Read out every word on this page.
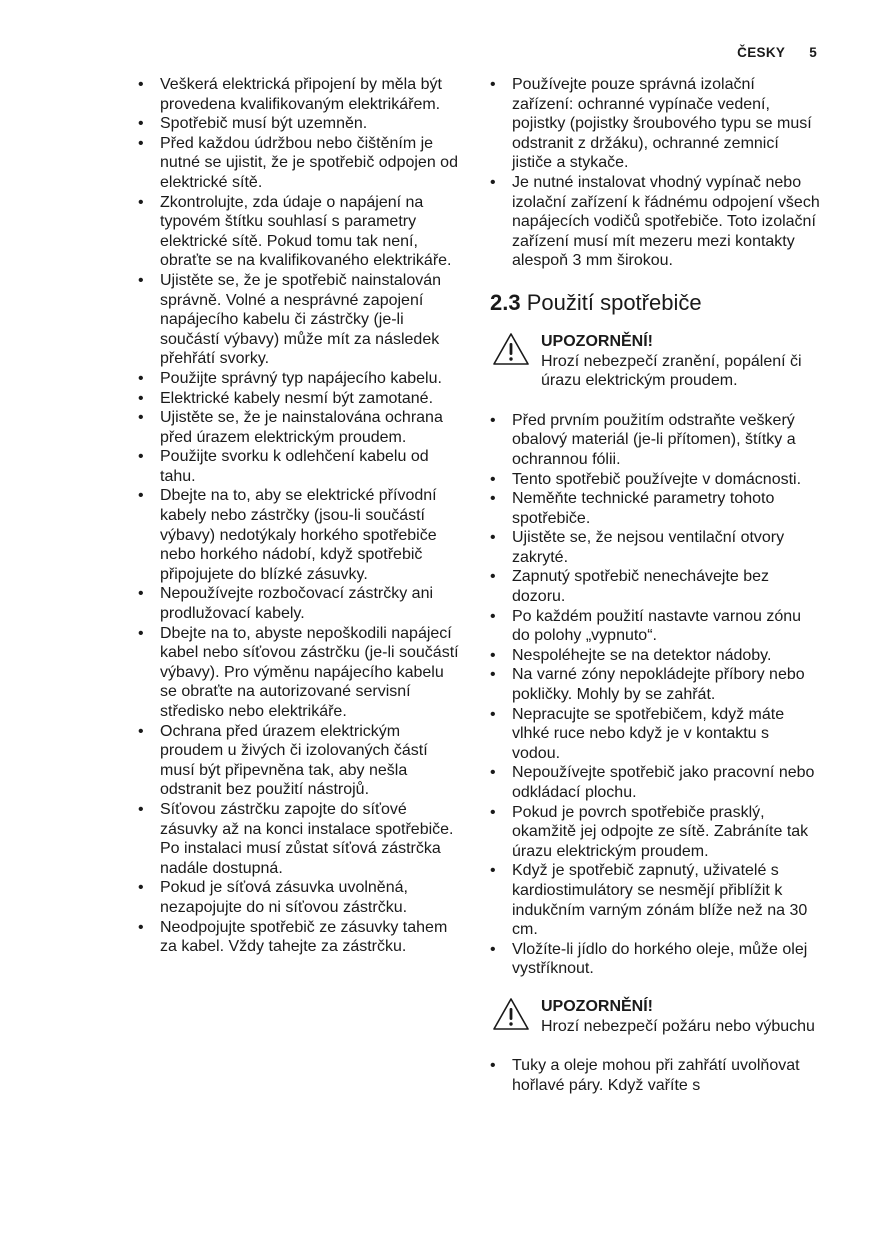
ČESKY 5
• Veškerá elektrická připojení by měla být provedena kvalifikovaným elektrikářem.
• Spotřebič musí být uzemněn.
• Před každou údržbou nebo čištěním je nutné se ujistit, že je spotřebič odpojen od elektrické sítě.
• Zkontrolujte, zda údaje o napájení na typovém štítku souhlasí s parametry elektrické sítě. Pokud tomu tak není, obraťte se na kvalifikovaného elektrikáře.
• Ujistěte se, že je spotřebič nainstalován správně. Volné a nesprávné zapojení napájecího kabelu či zástrčky (je-li součástí výbavy) může mít za následek přehřátí svorky.
• Použijte správný typ napájecího kabelu.
• Elektrické kabely nesmí být zamotané.
• Ujistěte se, že je nainstalována ochrana před úrazem elektrickým proudem.
• Použijte svorku k odlehčení kabelu od tahu.
• Dbejte na to, aby se elektrické přívodní kabely nebo zástrčky (jsou-li součástí výbavy) nedotýkaly horkého spotřebiče nebo horkého nádobí, když spotřebič připojujete do blízké zásuvky.
• Nepoužívejte rozbočovací zástrčky ani prodlužovací kabely.
• Dbejte na to, abyste nepoškodili napájecí kabel nebo síťovou zástrčku (je-li součástí výbavy). Pro výměnu napájecího kabelu se obraťte na autorizované servisní středisko nebo elektrikáře.
• Ochrana před úrazem elektrickým proudem u živých či izolovaných částí musí být připevněna tak, aby nešla odstranit bez použití nástrojů.
• Síťovou zástrčku zapojte do síťové zásuvky až na konci instalace spotřebiče. Po instalaci musí zůstat síťová zástrčka nadále dostupná.
• Pokud je síťová zásuvka uvolněná, nezapojujte do ni síťovou zástrčku.
• Neodpojujte spotřebič ze zásuvky tahem za kabel. Vždy tahejte za zástrčku.
• Používejte pouze správná izolační zařízení: ochranné vypínače vedení, pojistky (pojistky šroubového typu se musí odstranit z držáku), ochranné zemnicí jističe a stykače.
• Je nutné instalovat vhodný vypínač nebo izolační zařízení k řádnému odpojení všech napájecích vodičů spotřebiče. Toto izolační zařízení musí mít mezeru mezi kontakty alespoň 3 mm širokou.
2.3 Použití spotřebiče
UPOZORNĚNÍ!
Hrozí nebezpečí zranění, popálení či úrazu elektrickým proudem.
• Před prvním použitím odstraňte veškerý obalový materiál (je-li přítomen), štítky a ochrannou fólii.
• Tento spotřebič používejte v domácnosti.
• Neměňte technické parametry tohoto spotřebiče.
• Ujistěte se, že nejsou ventilační otvory zakryté.
• Zapnutý spotřebič nenechávejte bez dozoru.
• Po každém použití nastavte varnou zónu do polohy „vypnuto“.
• Nespoléhejte se na detektor nádoby.
• Na varné zóny nepokládejte příbory nebo pokličky. Mohly by se zahřát.
• Nepracujte se spotřebičem, když máte vlhké ruce nebo když je v kontaktu s vodou.
• Nepoužívejte spotřebič jako pracovní nebo odkládací plochu.
• Pokud je povrch spotřebiče prasklý, okamžitě jej odpojte ze sítě. Zabráníte tak úrazu elektrickým proudem.
• Když je spotřebič zapnutý, uživatelé s kardiostimulátory se nesmějí přiblížit k indukčním varným zónám blíže než na 30 cm.
• Vložíte-li jídlo do horkého oleje, může olej vystříknout.
UPOZORNĚNÍ!
Hrozí nebezpečí požáru nebo výbuchu
• Tuky a oleje mohou při zahřátí uvolňovat hořlavé páry. Když vaříte s
